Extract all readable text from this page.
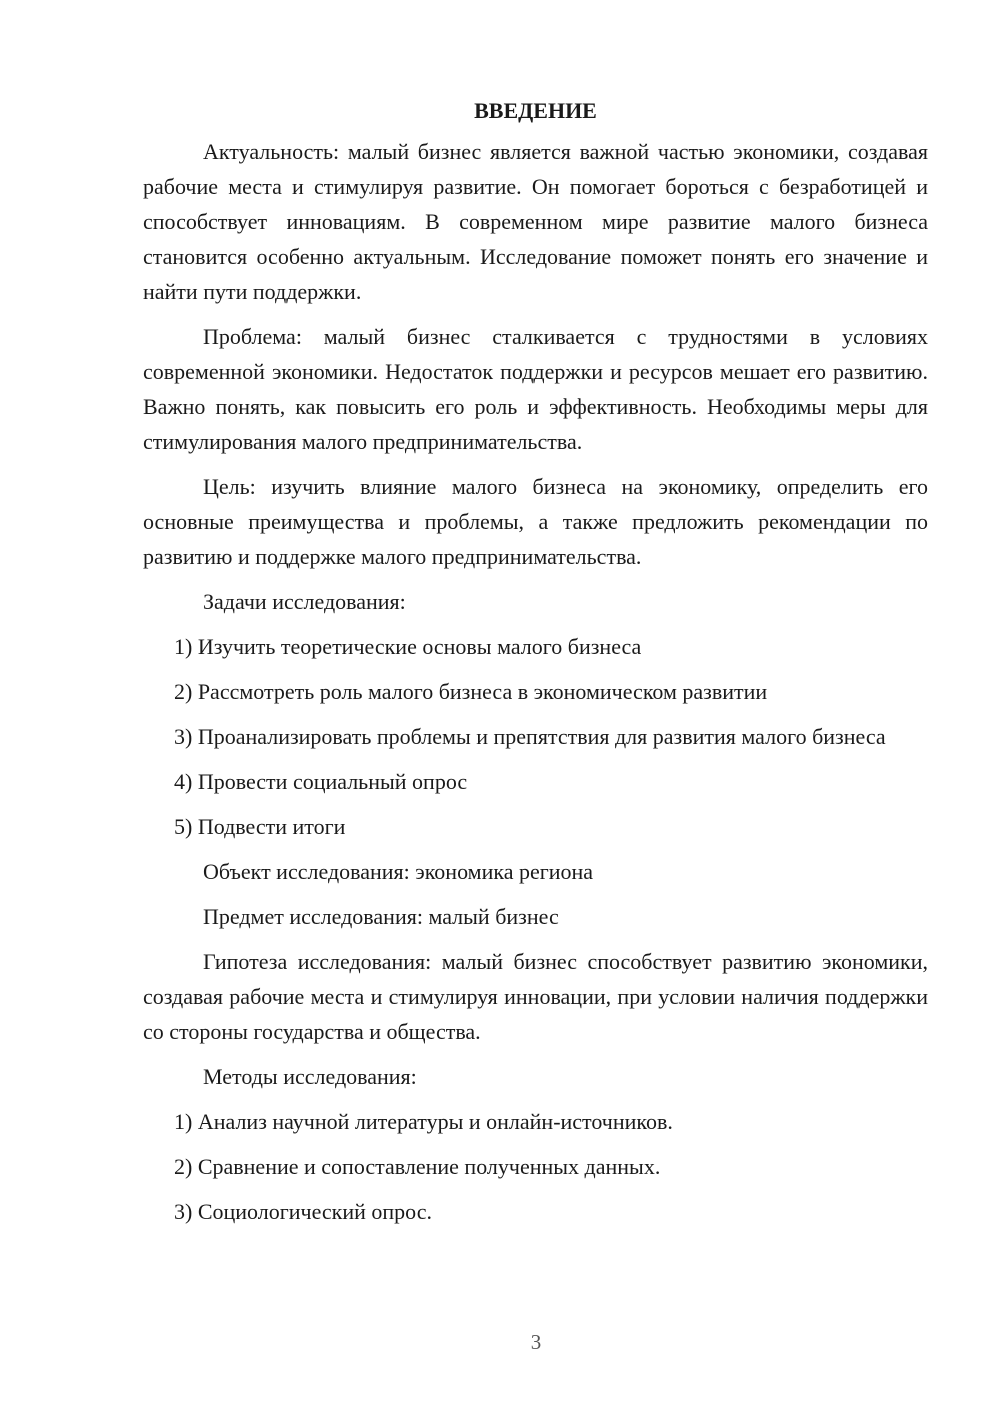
ВВЕДЕНИЕ

Актуальность: малый бизнес является важной частью экономики, создавая рабочие места и стимулируя развитие. Он помогает бороться с безработицей и способствует инновациям. В современном мире развитие малого бизнеса становится особенно актуальным. Исследование поможет понять его значение и найти пути поддержки.

Проблема: малый бизнес сталкивается с трудностями в условиях современной экономики. Недостаток поддержки и ресурсов мешает его развитию. Важно понять, как повысить его роль и эффективность. Необходимы меры для стимулирования малого предпринимательства.

Цель: изучить влияние малого бизнеса на экономику, определить его основные преимущества и проблемы, а также предложить рекомендации по развитию и поддержке малого предпринимательства.

Задачи исследования:

1) Изучить теоретические основы малого бизнеса
2) Рассмотреть роль малого бизнеса в экономическом развитии
3) Проанализировать проблемы и препятствия для развития малого бизнеса
4) Провести социальный опрос
5) Подвести итоги

Объект исследования: экономика региона

Предмет исследования: малый бизнес

Гипотеза исследования: малый бизнес способствует развитию экономики, создавая рабочие места и стимулируя инновации, при условии наличия поддержки со стороны государства и общества.

Методы исследования:

1) Анализ научной литературы и онлайн-источников.
2) Сравнение и сопоставление полученных данных.
3) Социологический опрос.
3
